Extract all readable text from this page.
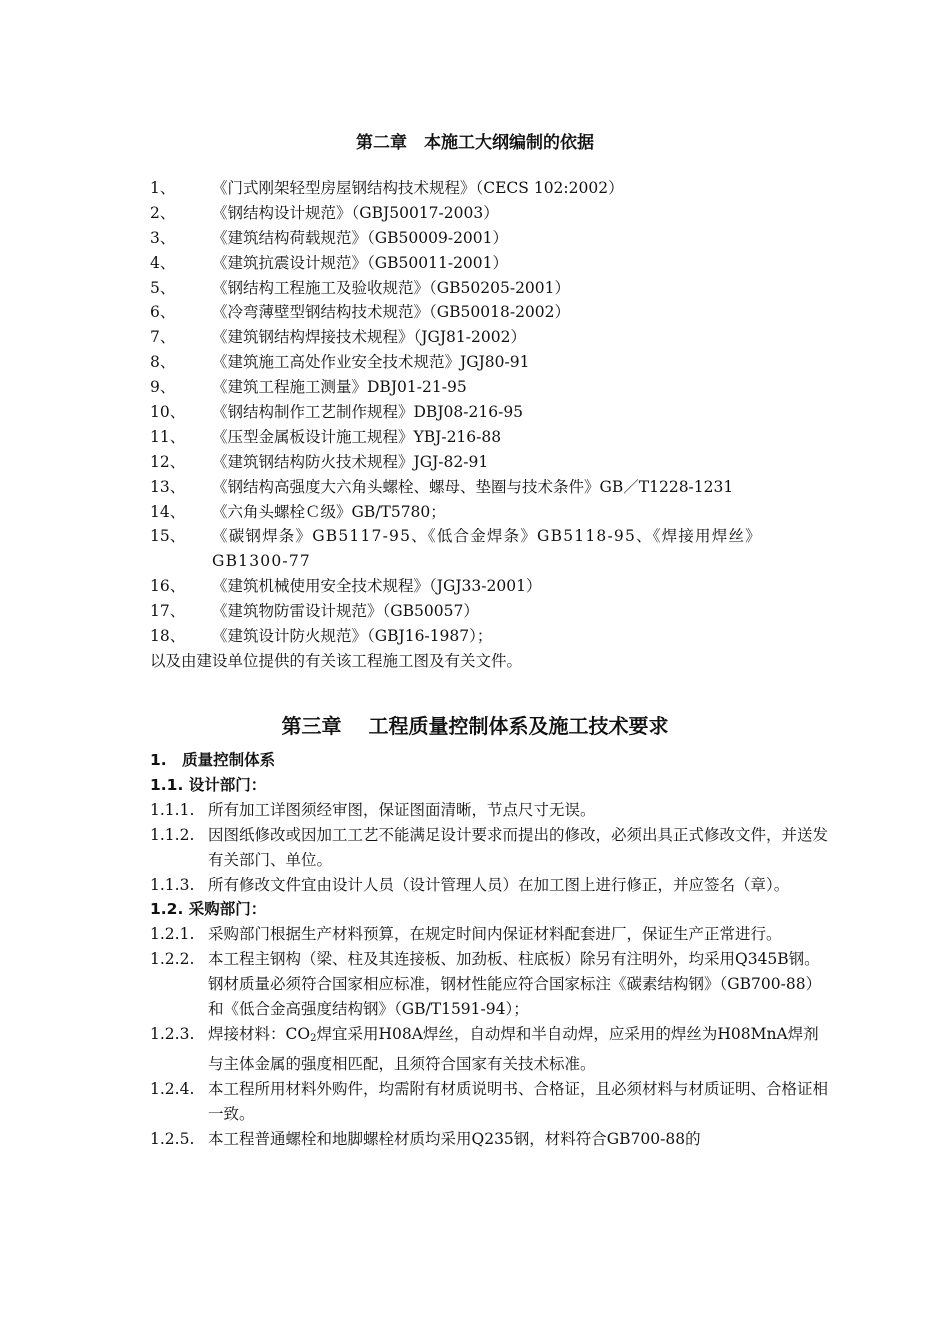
第二章　本施工大纲编制的依据
1、	《门式刚架轻型房屋钢结构技术规程》（CECS 102:2002）
2、	《钢结构设计规范》（GBJ50017-2003）
3、	《建筑结构荷载规范》（GB50009-2001）
4、	《建筑抗震设计规范》（GB50011-2001）
5、	《钢结构工程施工及验收规范》（GB50205-2001）
6、	《冷弯薄壁型钢结构技术规范》（GB50018-2002）
7、	《建筑钢结构焊接技术规程》（JGJ81-2002）
8、	《建筑施工高处作业安全技术规范》JGJ80-91
9、	《建筑工程施工测量》DBJ01-21-95
10、	《钢结构制作工艺制作规程》DBJ08-216-95
11、	《压型金属板设计施工规程》YBJ-216-88
12、	《建筑钢结构防火技术规程》JGJ-82-91
13、	《钢结构高强度大六角头螺栓、螺母、垫圈与技术条件》GB／T1228-1231
14、	《六角头螺栓Ｃ级》GB/T5780；
15、	《碳钢焊条》GB5117-95、《低合金焊条》GB5118-95、《焊接用焊丝》GB1300-77
16、	《建筑机械使用安全技术规程》（JGJ33-2001）
17、	《建筑物防雷设计规范》（GB50057）
18、	《建筑设计防火规范》（GBJ16-1987）；
以及由建设单位提供的有关该工程施工图及有关文件。
第三章　 工程质量控制体系及施工技术要求
1.　质量控制体系
1.1. 设计部门：
1.1.1. 所有加工详图须经审图，保证图面清晰，节点尺寸无误。
1.1.2. 因图纸修改或因加工工艺不能满足设计要求而提出的修改，必须出具正式修改文件，并送发有关部门、单位。
1.1.3. 所有修改文件宜由设计人员（设计管理人员）在加工图上进行修正，并应签名（章）。
1.2. 采购部门：
1.2.1. 采购部门根据生产材料预算，在规定时间内保证材料配套进厂，保证生产正常进行。
1.2.2. 本工程主钢构（梁、柱及其连接板、加劲板、柱底板）除另有注明外，均采用Q345B钢。钢材质量必须符合国家相应标准，钢材性能应符合国家标注《碳素结构钢》（GB700-88）和《低合金高强度结构钢》（GB/T1591-94）；
1.2.3. 焊接材料：$CO_2$焊宜采用H08A焊丝，自动焊和半自动焊，应采用的焊丝为H08MnA焊剂与主体金属的强度相匹配，且须符合国家有关技术标准。
1.2.4. 本工程所用材料外购件，均需附有材质说明书、合格证，且必须材料与材质证明、合格证相一致。
1.2.5. 本工程普通螺栓和地脚螺栓材质均采用Q235钢，材料符合GB700-88的
